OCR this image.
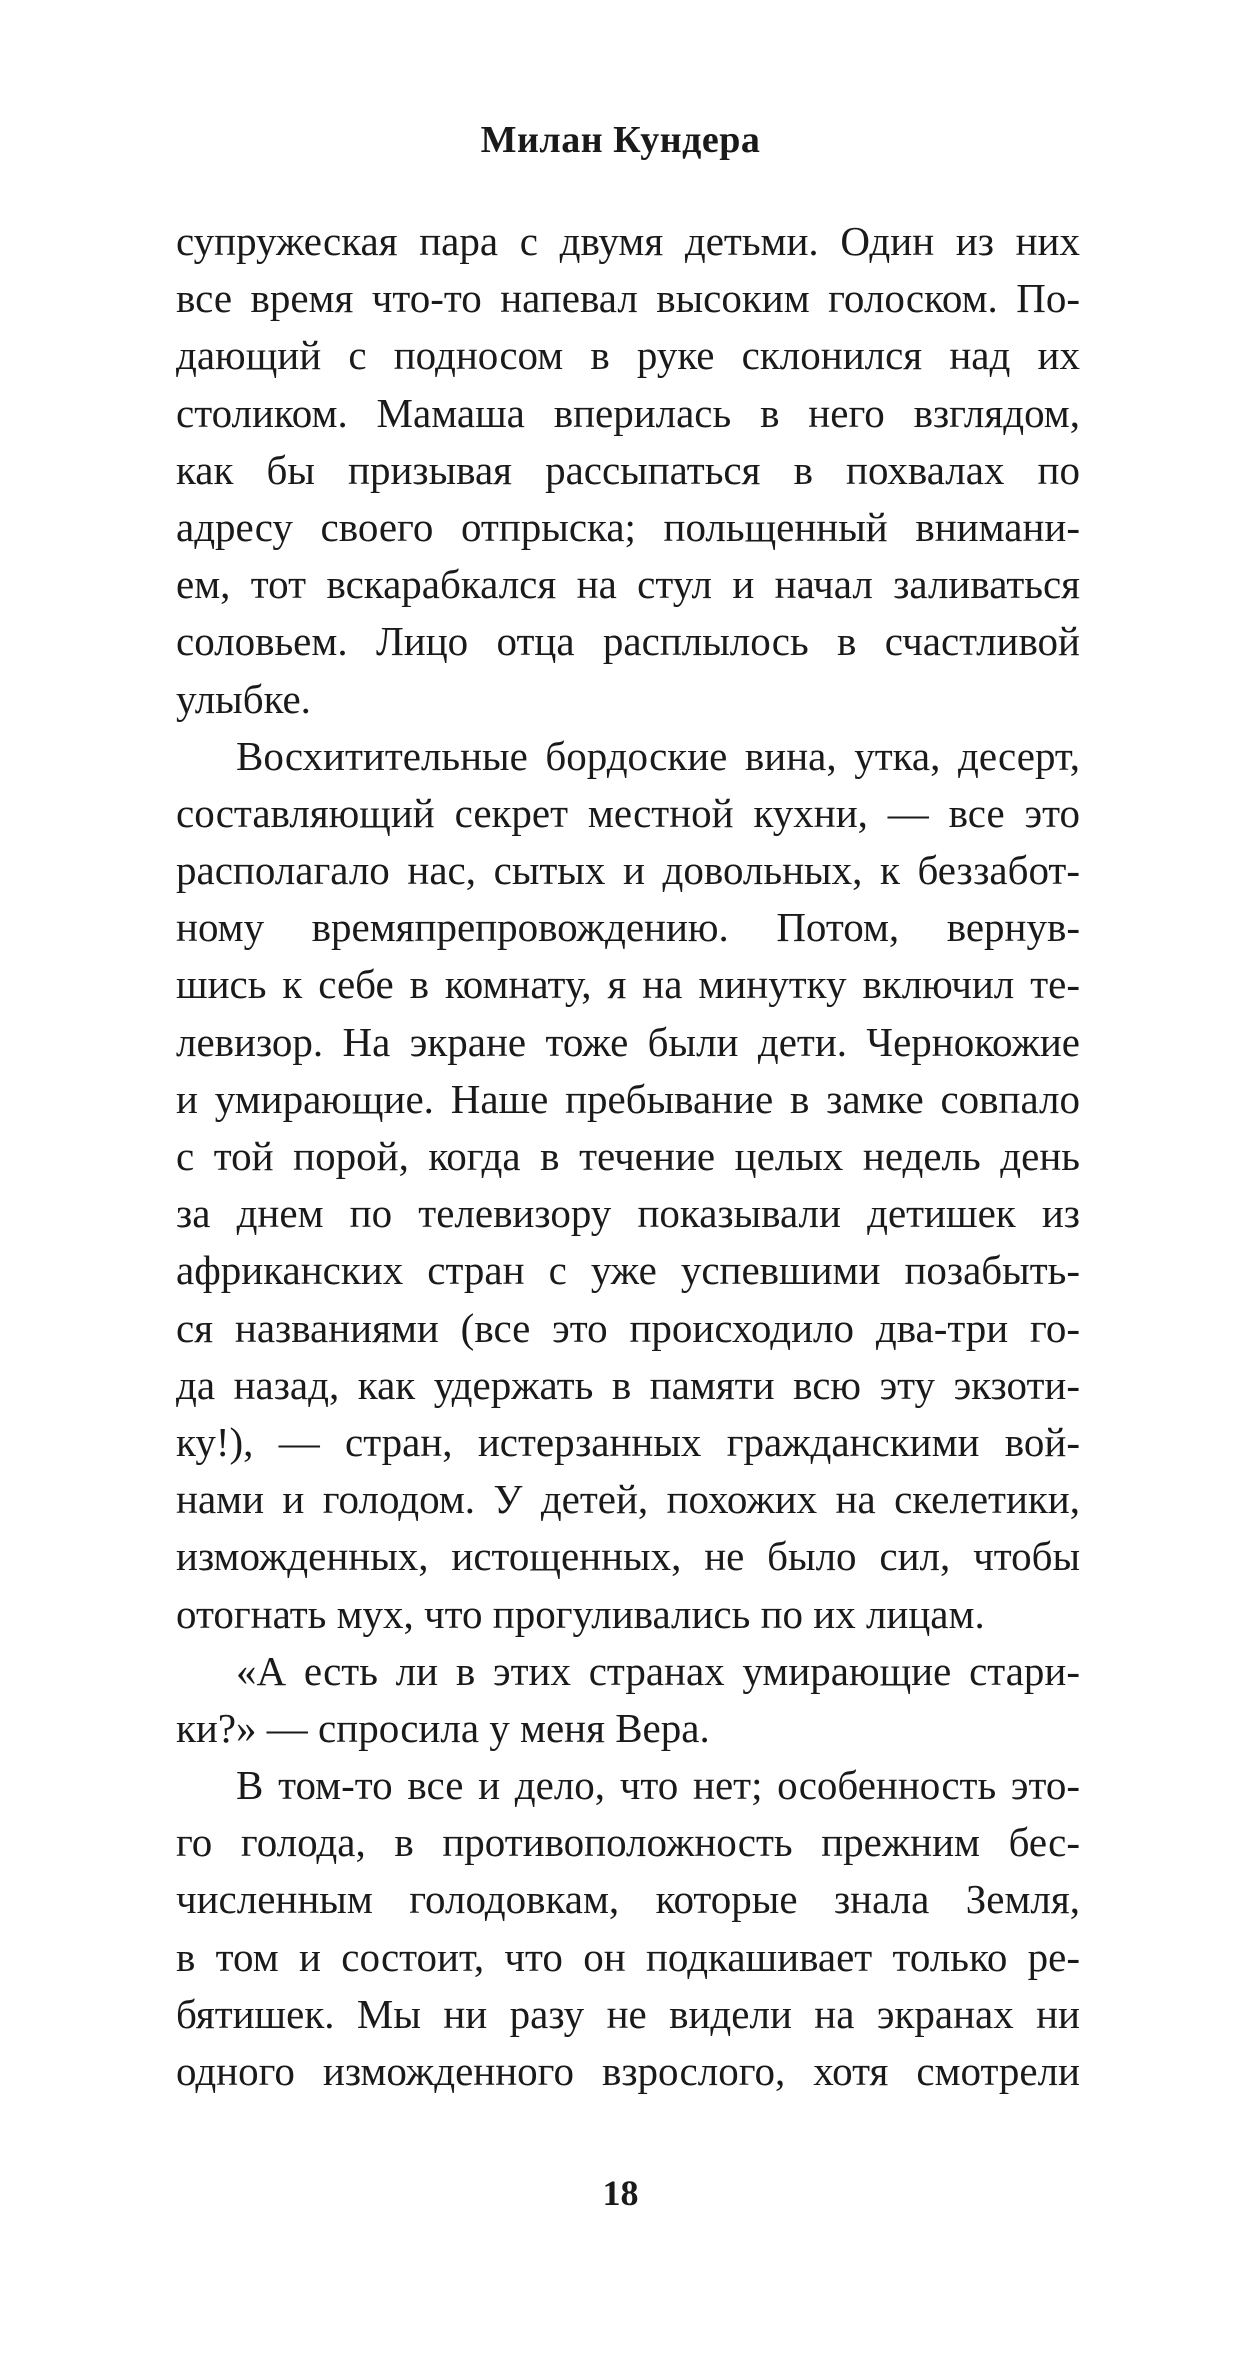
Милан Кундера
супружеская пара с двумя детьми. Один из них
все время что-то напевал высоким голоском. По-
дающий с подносом в руке склонился над их
столиком. Мамаша вперилась в него взглядом,
как бы призывая рассыпаться в похвалах по
адресу своего отпрыска; польщенный внимани-
ем, тот вскарабкался на стул и начал заливаться
соловьем. Лицо отца расплылось в счастливой
улыбке.
Восхитительные бордоские вина, утка, десерт,
составляющий секрет местной кухни, — все это
располагало нас, сытых и довольных, к беззабот-
ному времяпрепровождению. Потом, вернув-
шись к себе в комнату, я на минутку включил те-
левизор. На экране тоже были дети. Чернокожие
и умирающие. Наше пребывание в замке совпало
с той порой, когда в течение целых недель день
за днем по телевизору показывали детишек из
африканских стран с уже успевшими позабыть-
ся названиями (все это происходило два-три го-
да назад, как удержать в памяти всю эту экзоти-
ку!), — стран, истерзанных гражданскими вой-
нами и голодом. У детей, похожих на скелетики,
изможденных, истощенных, не было сил, чтобы
отогнать мух, что прогуливались по их лицам.
«А есть ли в этих странах умирающие стари-
ки?» — спросила у меня Вера.
В том-то все и дело, что нет; особенность это-
го голода, в противоположность прежним бес-
численным голодовкам, которые знала Земля,
в том и состоит, что он подкашивает только ре-
бятишек. Мы ни разу не видели на экранах ни
одного изможденного взрослого, хотя смотрели
18
